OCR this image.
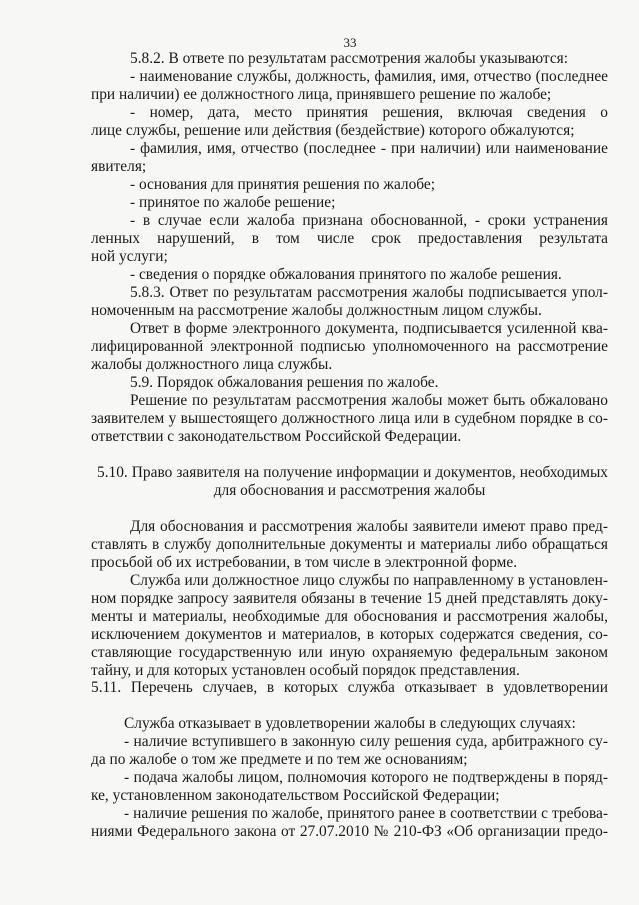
33
5.8.2. В ответе по результатам рассмотрения жалобы указываются:
- наименование службы, должность, фамилия, имя, отчество (последнее
при наличии) ее должностного лица, принявшего решение по жалобе;
- номер, дата, место принятия решения, включая сведения о
лице службы, решение или действия (бездействие) которого обжалуются;
- фамилия, имя, отчество (последнее - при наличии) или наименование
явителя;
- основания для принятия решения по жалобе;
- принятое по жалобе решение;
- в случае если жалоба признана обоснованной, - сроки устранения
ленных нарушений, в том числе срок предоставления результата
ной услуги;
- сведения о порядке обжалования принятого по жалобе решения.
5.8.3. Ответ по результатам рассмотрения жалобы подписывается упол-
номоченным на рассмотрение жалобы должностным лицом службы.
Ответ в форме электронного документа, подписывается усиленной ква-
лифицированной электронной подписью уполномоченного на рассмотрение
жалобы должностного лица службы.
5.9. Порядок обжалования решения по жалобе.
Решение по результатам рассмотрения жалобы может быть обжаловано
заявителем у вышестоящего должностного лица или в судебном порядке в со-
ответствии с законодательством Российской Федерации.
5.10. Право заявителя на получение информации и документов, необходимых
для обоснования и рассмотрения жалобы
Для обоснования и рассмотрения жалобы заявители имеют право пред-
ставлять в службу дополнительные документы и материалы либо обращаться
просьбой об их истребовании, в том числе в электронной форме.
Служба или должностное лицо службы по направленному в установлен-
ном порядке запросу заявителя обязаны в течение 15 дней представлять доку-
менты и материалы, необходимые для обоснования и рассмотрения жалобы,
исключением документов и материалов, в которых содержатся сведения, со-
ставляющие государственную или иную охраняемую федеральным законом
тайну, и для которых установлен особый порядок представления.
5.11. Перечень случаев, в которых служба отказывает в удовлетворении
Служба отказывает в удовлетворении жалобы в следующих случаях:
- наличие вступившего в законную силу решения суда, арбитражного су-
да по жалобе о том же предмете и по тем же основаниям;
- подача жалобы лицом, полномочия которого не подтверждены в поряд-
ке, установленном законодательством Российской Федерации;
- наличие решения по жалобе, принятого ранее в соответствии с требова-
ниями Федерального закона от 27.07.2010 № 210-ФЗ «Об организации предо-
